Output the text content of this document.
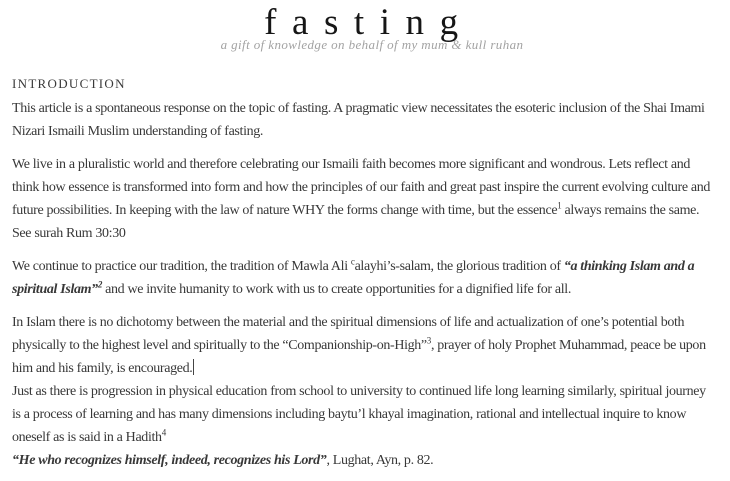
fasting
a gift of knowledge on behalf of my mum & kull ruhan
INTRODUCTION

This article is a spontaneous response on the topic of fasting. A pragmatic view necessitates the esoteric inclusion of the Shai Imami Nizari Ismaili Muslim understanding of fasting.

We live in a pluralistic world and therefore celebrating our Ismaili faith becomes more significant and wondrous. Lets reflect and think how essence is transformed into form and how the principles of our faith and great past inspire the current evolving culture and future possibilities. In keeping with the law of nature WHY the forms change with time, but the essence$^1$ always remains the same. See surah Rum 30:30

We continue to practice our tradition, the tradition of Mawla Ali $^c$alayhi’s-salam, the glorious tradition of “a thinking Islam and a spiritual Islam”$^2$ and we invite humanity to work with us to create opportunities for a dignified life for all.

In Islam there is no dichotomy between the material and the spiritual dimensions of life and actualization of one’s potential both physically to the highest level and spiritually to the “Companionship-on-High”$^3$, prayer of holy Prophet Muhammad, peace be upon him and his family, is encouraged.
Just as there is progression in physical education from school to university to continued life long learning similarly, spiritual journey is a process of learning and has many dimensions including baytu’l khayal imagination, rational and intellectual inquire to know oneself as is said in a Hadith$^4$
“He who recognizes himself, indeed, recognizes his Lord”, Lughat, Ayn, p. 82.
